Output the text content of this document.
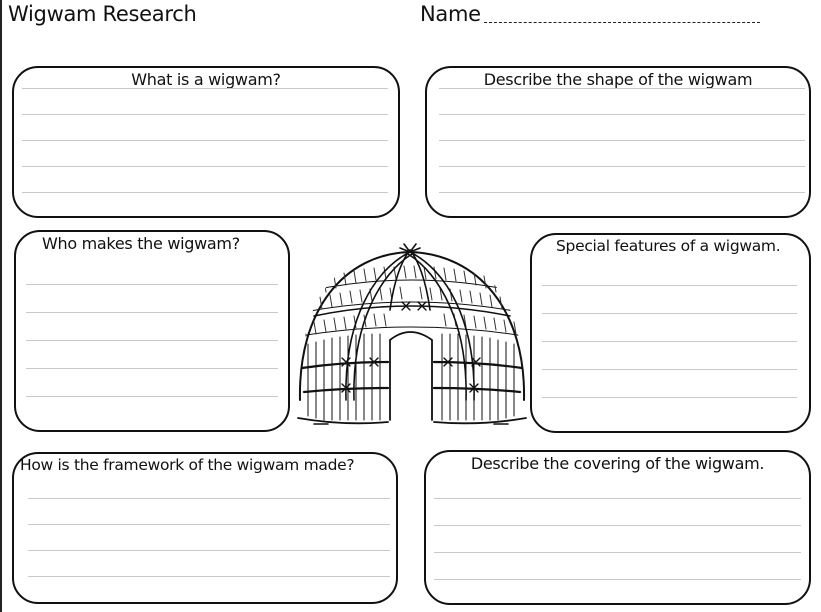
Wigwam Research	Name
What is a wigwam?	Describe the shape of the wigwam
Who makes the wigwam?	Special features of a wigwam.
How is the framework of the wigwam made?	Describe the covering of the wigwam.
